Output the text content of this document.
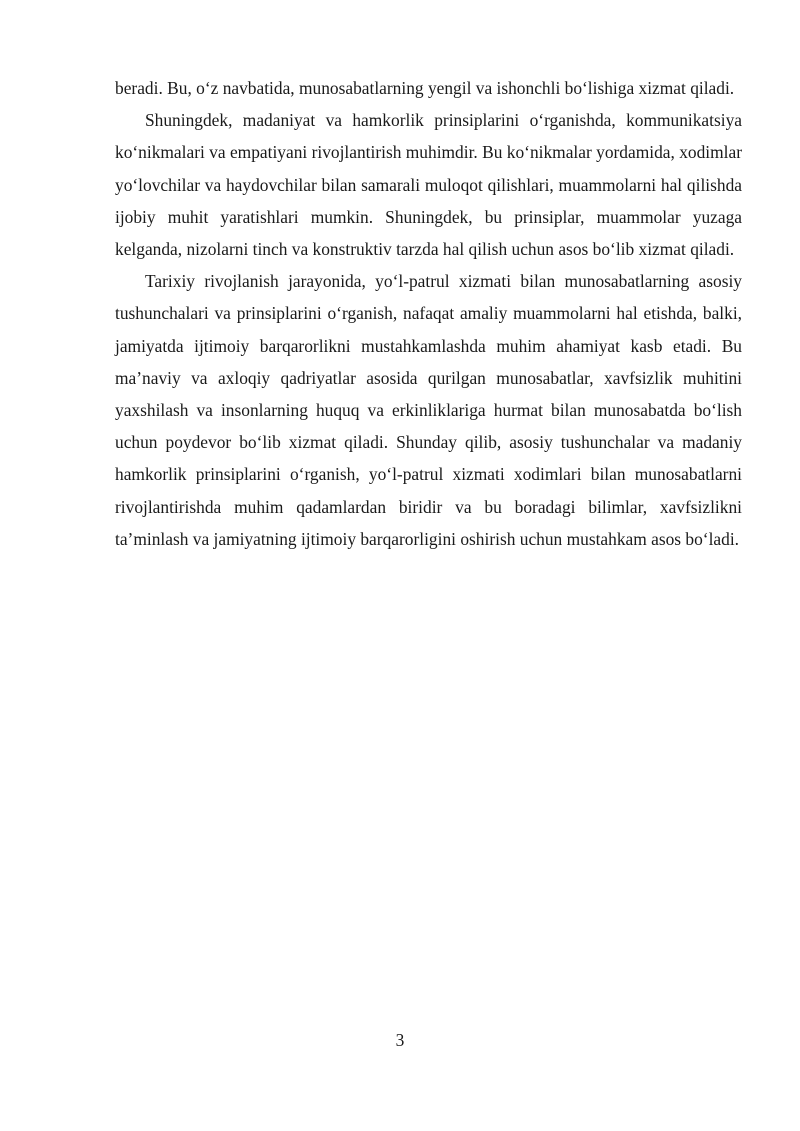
beradi. Bu, o‘z navbatida, munosabatlarning yengil va ishonchli bo‘lishiga xizmat qiladi.

Shuningdek, madaniyat va hamkorlik prinsiplarini o‘rganishda, kommunikatsiya ko‘nikmalari va empatiyani rivojlantirish muhimdir. Bu ko‘nikmalar yordamida, xodimlar yo‘lovchilar va haydovchilar bilan samarali muloqot qilishlari, muammolarni hal qilishda ijobiy muhit yaratishlari mumkin. Shuningdek, bu prinsiplar, muammolar yuzaga kelganda, nizolarni tinch va konstruktiv tarzda hal qilish uchun asos bo‘lib xizmat qiladi.

Tarixiy rivojlanish jarayonida, yo‘l-patrul xizmati bilan munosabatlarning asosiy tushunchalari va prinsiplarini o‘rganish, nafaqat amaliy muammolarni hal etishda, balki, jamiyatda ijtimoiy barqarorlikni mustahkamlashda muhim ahamiyat kasb etadi. Bu ma’naviy va axloqiy qadriyatlar asosida qurilgan munosabatlar, xavfsizlik muhitini yaxshilash va insonlarning huquq va erkinliklariga hurmat bilan munosabatda bo‘lish uchun poydevor bo‘lib xizmat qiladi. Shunday qilib, asosiy tushunchalar va madaniy hamkorlik prinsiplarini o‘rganish, yo‘l-patrul xizmati xodimlari bilan munosabatlarni rivojlantirishda muhim qadamlardan biridir va bu boradagi bilimlar, xavfsizlikni ta’minlash va jamiyatning ijtimoiy barqarorligini oshirish uchun mustahkam asos bo‘ladi.

3
